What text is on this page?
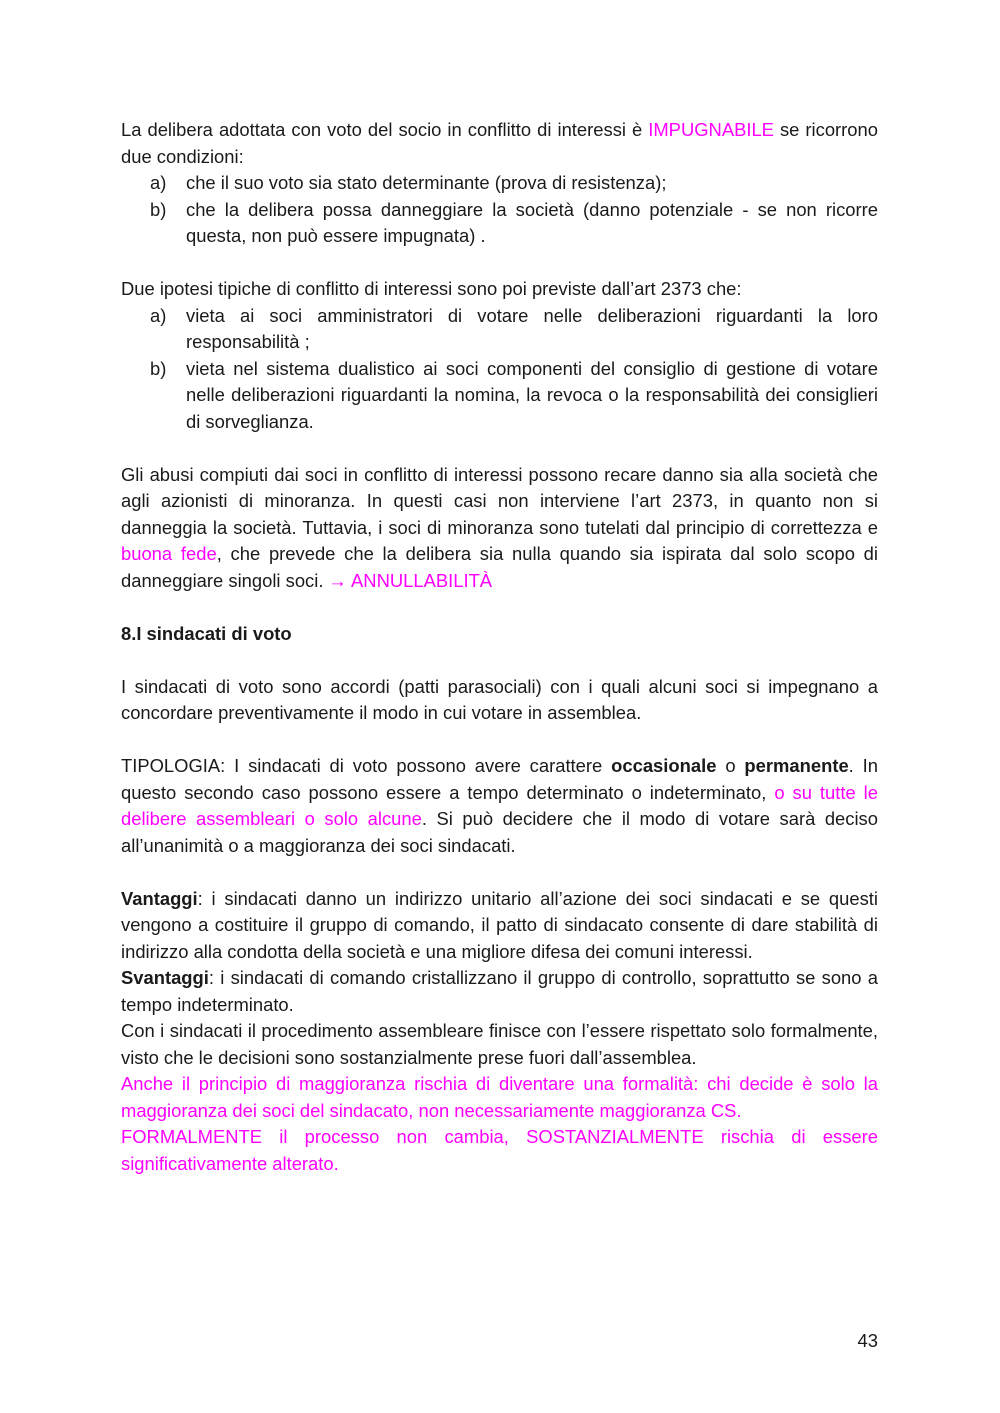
La delibera adottata con voto del socio in conflitto di interessi è IMPUGNABILE se ricorrono due condizioni:

a)	che il suo voto sia stato determinante (prova di resistenza);

b)	che la delibera possa danneggiare la società (danno potenziale - se non ricorre questa, non può essere impugnata) .

Due ipotesi tipiche di conflitto di interessi sono poi previste dall’art 2373 che:

a)	vieta ai soci amministratori di votare nelle deliberazioni riguardanti la loro responsabilità ;

b)	vieta nel sistema dualistico ai soci componenti del consiglio di gestione di votare nelle deliberazioni riguardanti la nomina, la revoca o la responsabilità dei consiglieri di sorveglianza.

Gli abusi compiuti dai soci in conflitto di interessi possono recare danno sia alla società che agli azionisti di minoranza. In questi casi non interviene l’art 2373, in quanto non si danneggia la società. Tuttavia, i soci di minoranza sono tutelati dal principio di correttezza e buona fede, che prevede che la delibera sia nulla quando sia ispirata dal solo scopo di danneggiare singoli soci. → ANNULLABILITÀ

8.I sindacati di voto

I sindacati di voto sono accordi (patti parasociali) con i quali alcuni soci si impegnano a concordare preventivamente il modo in cui votare in assemblea.

TIPOLOGIA: I sindacati di voto possono avere carattere occasionale o permanente. In questo secondo caso possono essere a tempo determinato o indeterminato, o su tutte le delibere assembleari o solo alcune. Si può decidere che il modo di votare sarà deciso all’unanimità o a maggioranza dei soci sindacati.

Vantaggi: i sindacati danno un indirizzo unitario all’azione dei soci sindacati e se questi vengono a costituire il gruppo di comando, il patto di sindacato consente di dare stabilità di indirizzo alla condotta della società e una migliore difesa dei comuni interessi.

Svantaggi: i sindacati di comando cristallizzano il gruppo di controllo, soprattutto se sono a tempo indeterminato.

Con i sindacati il procedimento assembleare finisce con l’essere rispettato solo formalmente, visto che le decisioni sono sostanzialmente prese fuori dall’assemblea.

Anche il principio di maggioranza rischia di diventare una formalità: chi decide è solo la maggioranza dei soci del sindacato, non necessariamente maggioranza CS.

FORMALMENTE il processo non cambia, SOSTANZIALMENTE rischia di essere significativamente alterato.

43
